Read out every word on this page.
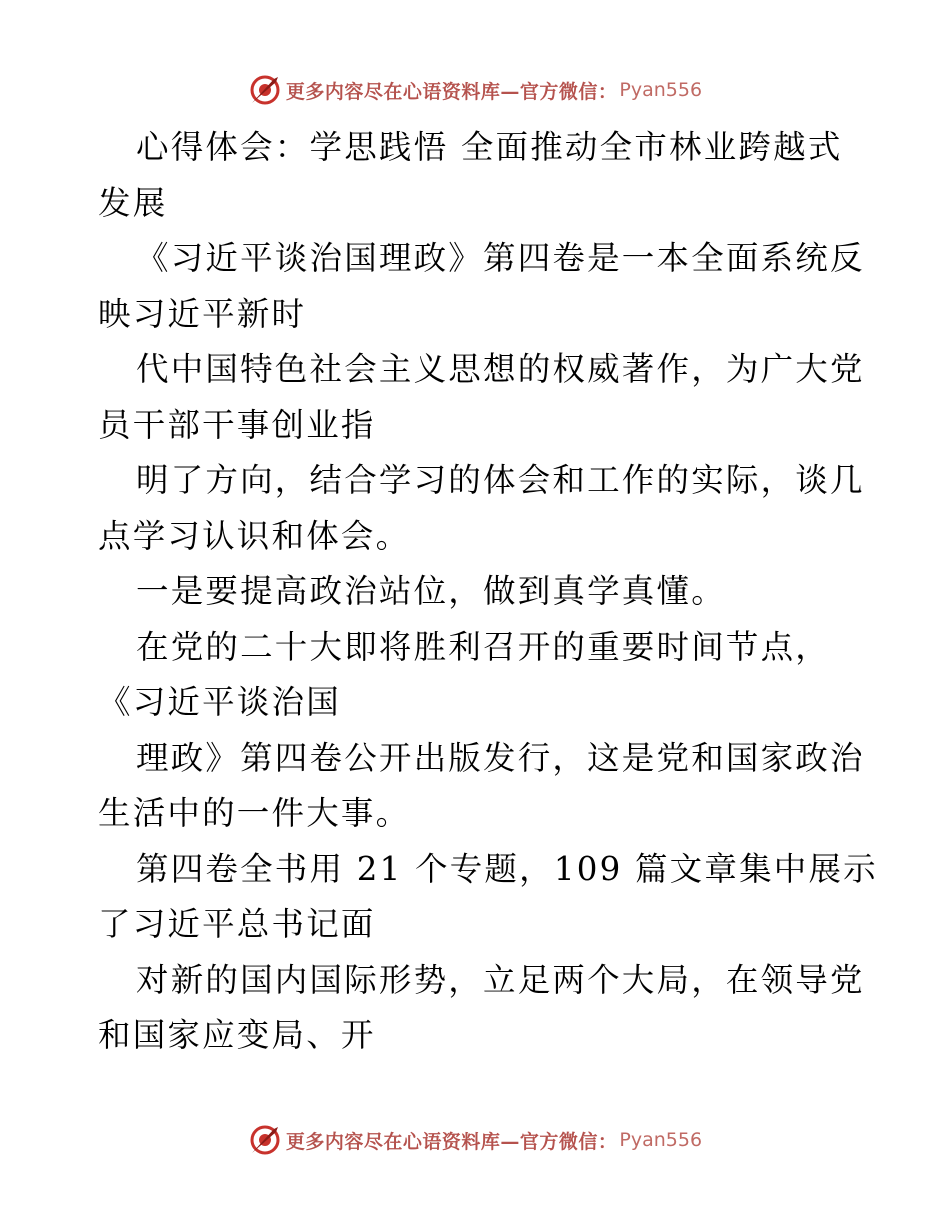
更多内容尽在心语资料库—官方微信： Pyan556
心得体会：学思践悟 全面推动全市林业跨越式
发展
《习近平谈治国理政》第四卷是一本全面系统反
映习近平新时
代中国特色社会主义思想的权威著作，为广大党
员干部干事创业指
明了方向，结合学习的体会和工作的实际，谈几
点学习认识和体会。
一是要提高政治站位，做到真学真懂。
在党的二十大即将胜利召开的重要时间节点，
《习近平谈治国
理政》第四卷公开出版发行，这是党和国家政治
生活中的一件大事。
第四卷全书用 21 个专题，109 篇文章集中展示
了习近平总书记面
对新的国内国际形势，立足两个大局，在领导党
和国家应变局、开
更多内容尽在心语资料库—官方微信： Pyan556
